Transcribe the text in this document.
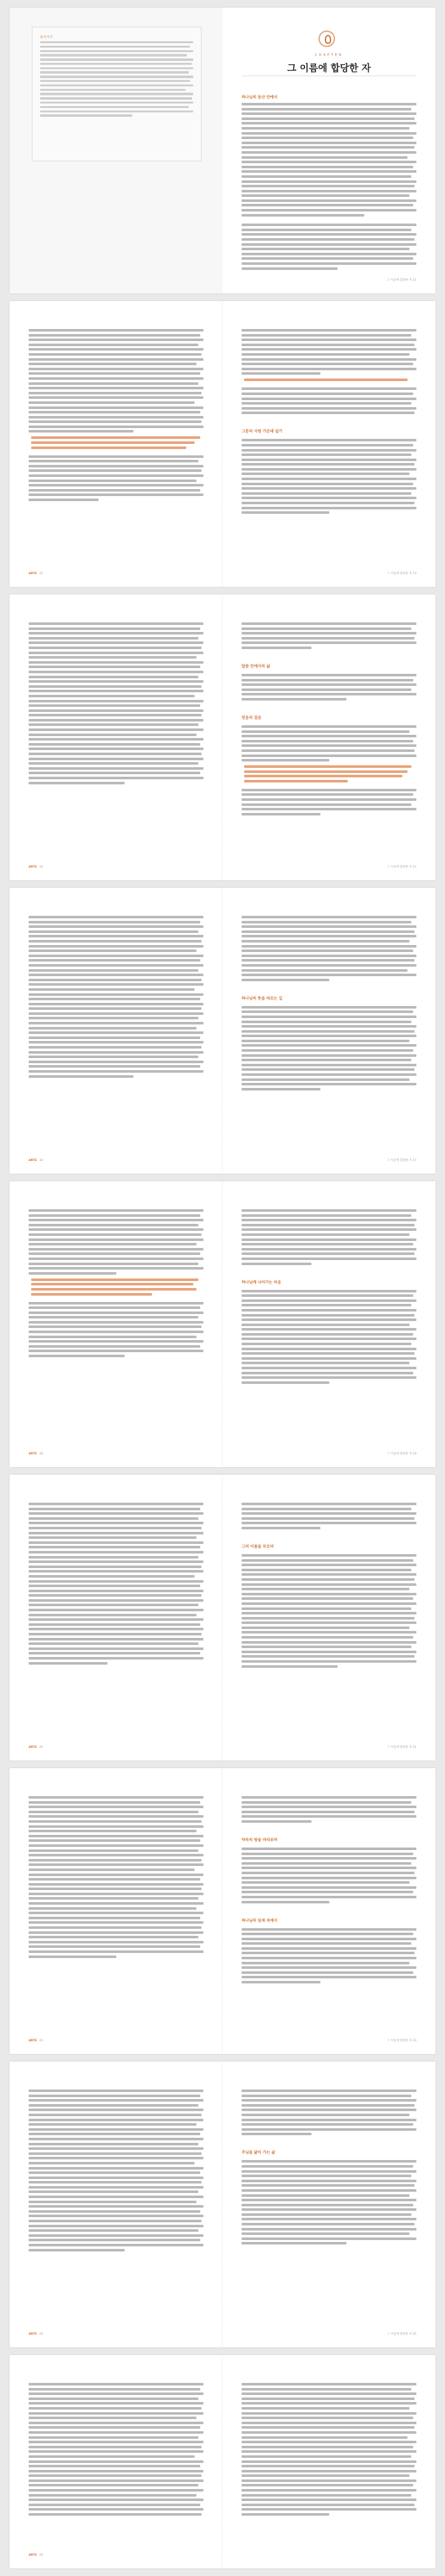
들어가기
CHAPTER
그 이름에 합당한 자
하나님의 동산 안에서
그 이름에 합당한 자 11
ARTE 12
그분의 사랑 가운데 살기
그 이름에 합당한 자 13
ARTE 14
말씀 안에서의 삶
믿음의 걸음
그 이름에 합당한 자 15
ARTE 16
하나님의 뜻을 따르는 길
그 이름에 합당한 자 17
ARTE 18
하나님께 나아가는 마음
그 이름에 합당한 자 19
ARTE 20
그의 이름을 부르며
그 이름에 합당한 자 21
ARTE 22
약속의 땅을 바라보며
하나님의 임재 속에서
그 이름에 합당한 자 23
ARTE 24
주님을 닮아 가는 삶
그 이름에 합당한 자 25
ARTE 26
